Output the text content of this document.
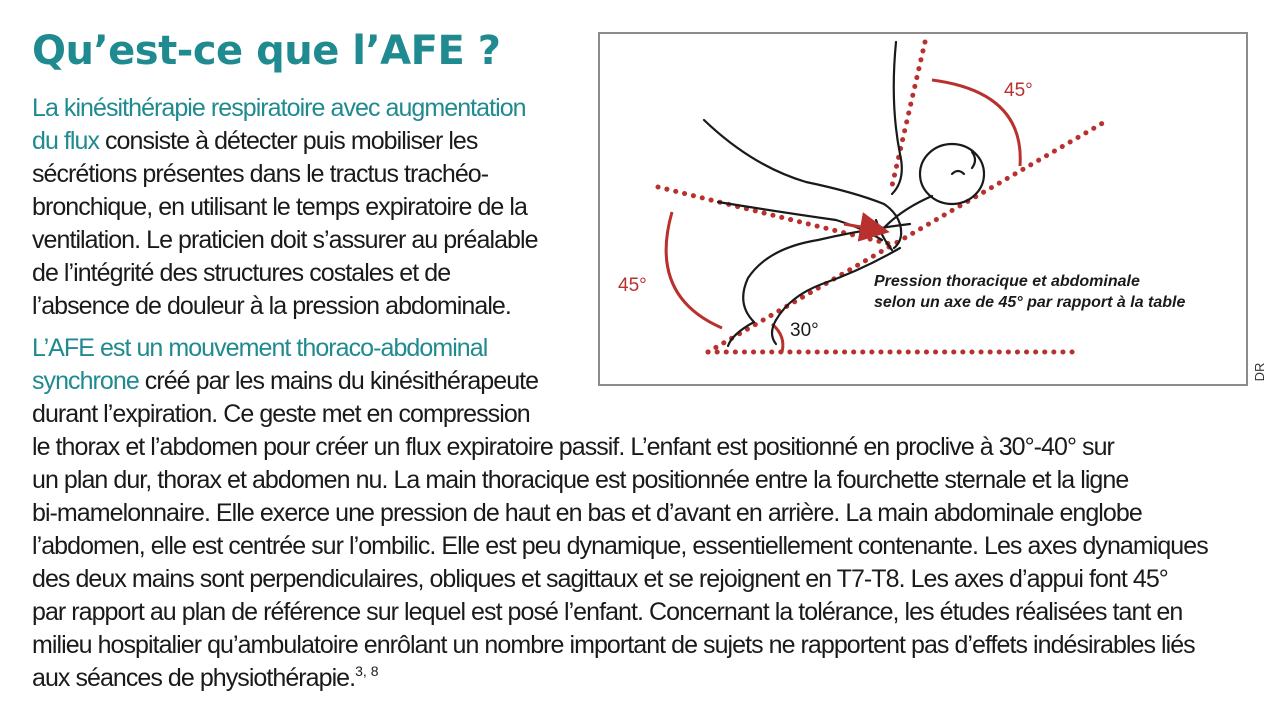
Qu’est-ce que l’AFE ?
La kinésithérapie respiratoire avec augmentation
du flux consiste à détecter puis mobiliser les
sécrétions présentes dans le tractus trachéo-
bronchique, en utilisant le temps expiratoire de la
ventilation. Le praticien doit s’assurer au préalable
de l’intégrité des structures costales et de
l’absence de douleur à la pression abdominale.
L’AFE est un mouvement thoraco-abdominal
synchrone créé par les mains du kinésithérapeute
durant l’expiration. Ce geste met en compression
le thorax et l’abdomen pour créer un flux expiratoire passif. L’enfant est positionné en proclive à 30°-40° sur
un plan dur, thorax et abdomen nu. La main thoracique est positionnée entre la fourchette sternale et la ligne
bi-mamelonnaire. Elle exerce une pression de haut en bas et d’avant en arrière. La main abdominale englobe
l’abdomen, elle est centrée sur l’ombilic. Elle est peu dynamique, essentiellement contenante. Les axes dynamiques
des deux mains sont perpendiculaires, obliques et sagittaux et se rejoignent en T7-T8. Les axes d’appui font 45°
par rapport au plan de référence sur lequel est posé l’enfant. Concernant la tolérance, les études réalisées tant en
milieu hospitalier qu’ambulatoire enrôlant un nombre important de sujets ne rapportent pas d’effets indésirables liés
aux séances de physiothérapie.$^{3, 8}$
45°
45°
30°
Pression thoracique et abdominale
selon un axe de 45° par rapport à la table
DR
